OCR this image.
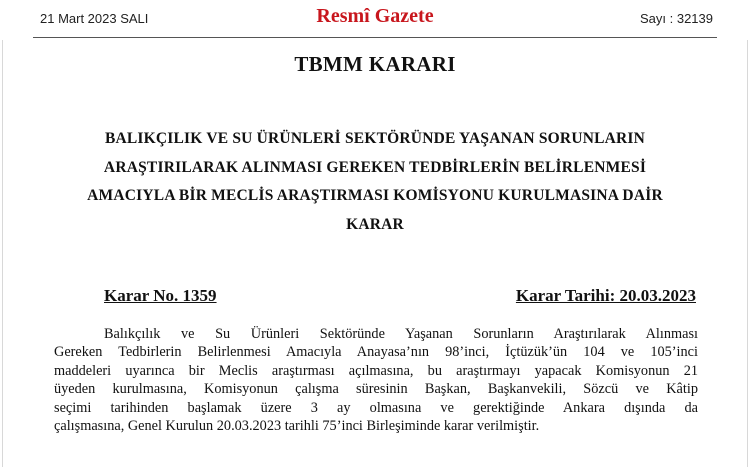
21 Mart 2023 SALI	Resmî Gazete	Sayı : 32139
TBMM KARARI
BALIKÇILIK VE SU ÜRÜNLERİ SEKTÖRÜNDE YAŞANAN SORUNLARIN
ARAŞTIRILARAK ALINMASI GEREKEN TEDBİRLERİN BELİRLENMESİ
AMACIYLA BİR MECLİS ARAŞTIRMASI KOMİSYONU KURULMASINA DAİR
KARAR
Karar No. 1359	Karar Tarihi: 20.03.2023
Balıkçılık ve Su Ürünleri Sektöründe Yaşanan Sorunların Araştırılarak Alınması
Gereken Tedbirlerin Belirlenmesi Amacıyla Anayasa’nın 98’inci, İçtüzük’ün 104 ve 105’inci
maddeleri uyarınca bir Meclis araştırması açılmasına, bu araştırmayı yapacak Komisyonun 21
üyeden kurulmasına, Komisyonun çalışma süresinin Başkan, Başkanvekili, Sözcü ve Kâtip
seçimi tarihinden başlamak üzere 3 ay olmasına ve gerektiğinde Ankara dışında da
çalışmasına, Genel Kurulun 20.03.2023 tarihli 75’inci Birleşiminde karar verilmiştir.
